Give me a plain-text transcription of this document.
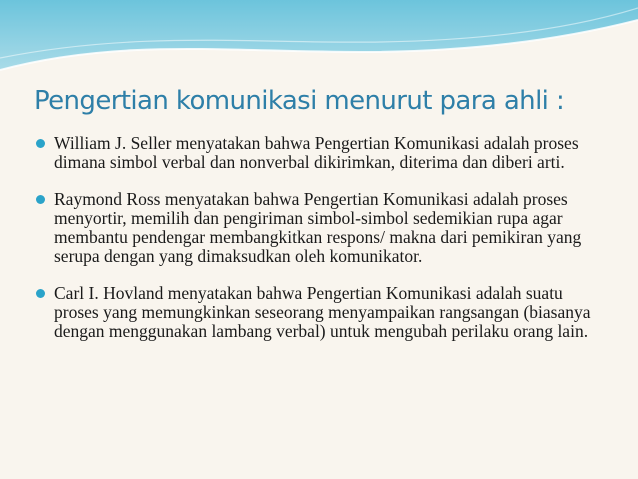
Pengertian komunikasi menurut para ahli :
William J. Seller menyatakan bahwa Pengertian Komunikasi adalah proses dimana simbol verbal dan nonverbal dikirimkan, diterima dan diberi arti.
Raymond Ross menyatakan bahwa Pengertian Komunikasi adalah proses menyortir, memilih dan pengiriman simbol-simbol sedemikian rupa agar membantu pendengar membangkitkan respons/ makna dari pemikiran yang serupa dengan yang dimaksudkan oleh komunikator.
Carl I. Hovland menyatakan bahwa Pengertian Komunikasi adalah suatu proses yang memungkinkan seseorang menyampaikan rangsangan (biasanya dengan menggunakan lambang verbal) untuk mengubah perilaku orang lain.
